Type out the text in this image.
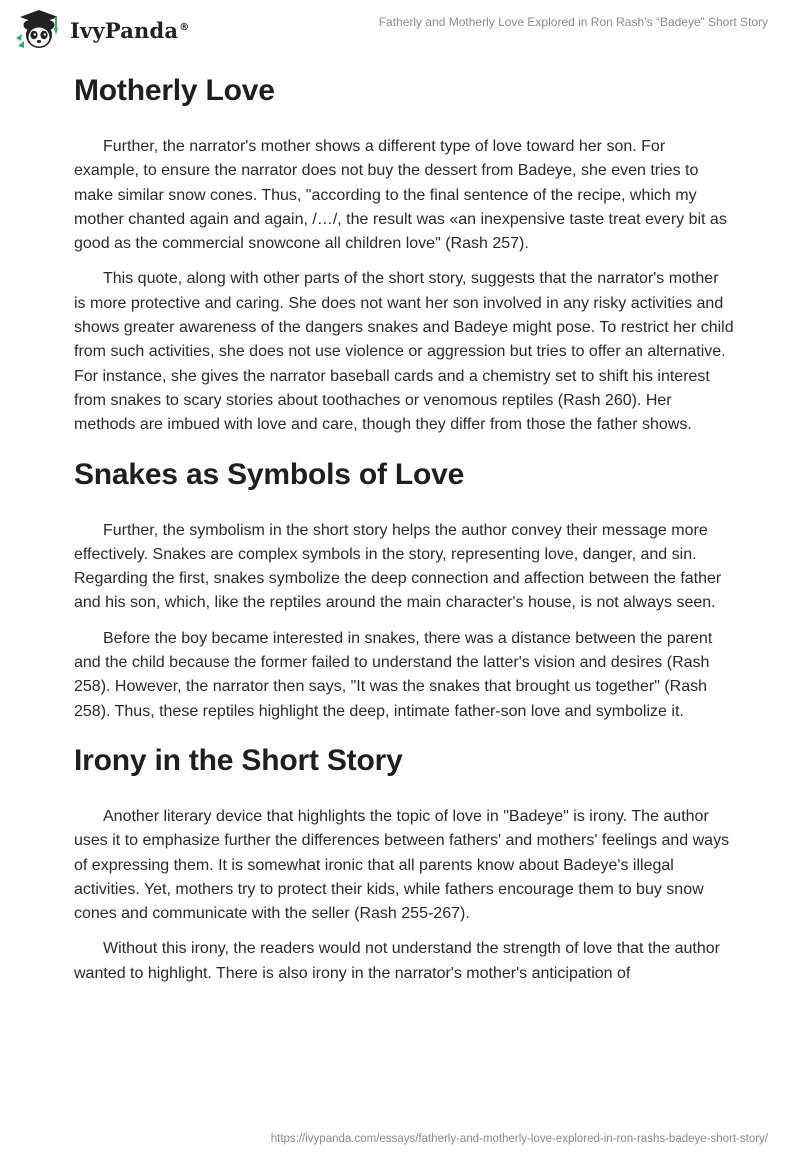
IvyPanda®	Fatherly and Motherly Love Explored in Ron Rash’s “Badeye” Short Story
Motherly Love

Further, the narrator's mother shows a different type of love toward her son. For example, to ensure the narrator does not buy the dessert from Badeye, she even tries to make similar snow cones. Thus, "according to the final sentence of the recipe, which my mother chanted again and again, /…/, the result was «an inexpensive taste treat every bit as good as the commercial snowcone all children love" (Rash 257).

This quote, along with other parts of the short story, suggests that the narrator's mother is more protective and caring. She does not want her son involved in any risky activities and shows greater awareness of the dangers snakes and Badeye might pose. To restrict her child from such activities, she does not use violence or aggression but tries to offer an alternative. For instance, she gives the narrator baseball cards and a chemistry set to shift his interest from snakes to scary stories about toothaches or venomous reptiles (Rash 260). Her methods are imbued with love and care, though they differ from those the father shows.

Snakes as Symbols of Love

Further, the symbolism in the short story helps the author convey their message more effectively. Snakes are complex symbols in the story, representing love, danger, and sin. Regarding the first, snakes symbolize the deep connection and affection between the father and his son, which, like the reptiles around the main character's house, is not always seen.

Before the boy became interested in snakes, there was a distance between the parent and the child because the former failed to understand the latter's vision and desires (Rash 258). However, the narrator then says, "It was the snakes that brought us together" (Rash 258). Thus, these reptiles highlight the deep, intimate father-son love and symbolize it.

Irony in the Short Story

Another literary device that highlights the topic of love in "Badeye" is irony. The author uses it to emphasize further the differences between fathers' and mothers' feelings and ways of expressing them. It is somewhat ironic that all parents know about Badeye's illegal activities. Yet, mothers try to protect their kids, while fathers encourage them to buy snow cones and communicate with the seller (Rash 255-267).

Without this irony, the readers would not understand the strength of love that the author wanted to highlight. There is also irony in the narrator's mother's anticipation of

https://ivypanda.com/essays/fatherly-and-motherly-love-explored-in-ron-rashs-badeye-short-story/
